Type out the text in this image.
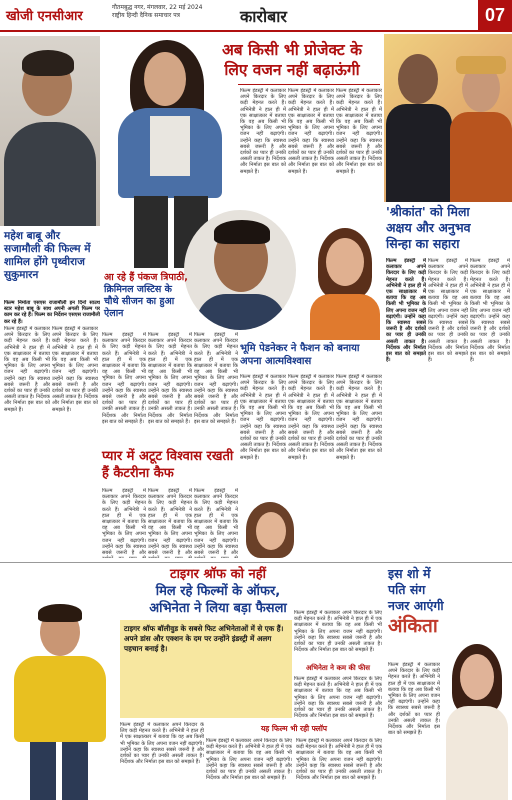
खोजी एनसीआर
गौतमबुद्ध नगर, मंगलवार, 22 मई 2024
राष्ट्रीय हिन्दी दैनिक समाचार पत्र	कारोबार	07
महेश बाबू और सजामौली की फिल्म में शामिल होंगे पृथ्वीराज सुकुमारन
फिल्म निर्माता एसएस राजामौली इन दिनों साउथ स्टार महेश बाबू के साथ अपनी अगली फिल्म पर काम कर रहे हैं। फिल्म का निर्देशन एसएस राजामौली कर रहे हैं।
फिल्म इंडस्ट्री में कलाकार अपने किरदार के लिए कड़ी मेहनत करते हैं। अभिनेत्री ने हाल ही में एक साक्षात्कार में बताया कि वह अब किसी भी भूमिका के लिए अपना वजन नहीं बढ़ाएंगी। उन्होंने कहा कि स्वास्थ्य सबसे जरूरी है और दर्शकों का प्यार ही उनकी असली ताकत है। निर्देशक और निर्माता इस बात को समझते हैं।
फिल्म इंडस्ट्री में कलाकार अपने किरदार के लिए कड़ी मेहनत करते हैं। अभिनेत्री ने हाल ही में एक साक्षात्कार में बताया कि वह अब किसी भी भूमिका के लिए अपना वजन नहीं बढ़ाएंगी। उन्होंने कहा कि स्वास्थ्य सबसे जरूरी है और दर्शकों का प्यार ही उनकी असली ताकत है। निर्देशक और निर्माता इस बात को समझते हैं।
अब किसी भी प्रोजेक्ट के
लिए वजन नहीं बढ़ाऊंगी
फिल्म इंडस्ट्री में कलाकार अपने किरदार के लिए कड़ी मेहनत करते हैं। अभिनेत्री ने हाल ही में एक साक्षात्कार में बताया कि वह अब किसी भी भूमिका के लिए अपना वजन नहीं बढ़ाएंगी। उन्होंने कहा कि स्वास्थ्य सबसे जरूरी है और दर्शकों का प्यार ही उनकी असली ताकत है। निर्देशक और निर्माता इस बात को समझते हैं।
फिल्म इंडस्ट्री में कलाकार अपने किरदार के लिए कड़ी मेहनत करते हैं। अभिनेत्री ने हाल ही में एक साक्षात्कार में बताया कि वह अब किसी भी भूमिका के लिए अपना वजन नहीं बढ़ाएंगी। उन्होंने कहा कि स्वास्थ्य सबसे जरूरी है और दर्शकों का प्यार ही उनकी असली ताकत है। निर्देशक और निर्माता इस बात को समझते हैं।
फिल्म इंडस्ट्री में कलाकार अपने किरदार के लिए कड़ी मेहनत करते हैं। अभिनेत्री ने हाल ही में एक साक्षात्कार में बताया कि वह अब किसी भी भूमिका के लिए अपना वजन नहीं बढ़ाएंगी। उन्होंने कहा कि स्वास्थ्य सबसे जरूरी है और दर्शकों का प्यार ही उनकी असली ताकत है। निर्देशक और निर्माता इस बात को समझते हैं।
'श्रीकांत' को मिला
अक्षय और अनुभव
सिन्हा का सहारा
फिल्म इंडस्ट्री में कलाकार अपने किरदार के लिए कड़ी मेहनत करते हैं। अभिनेत्री ने हाल ही में एक साक्षात्कार में बताया कि वह अब किसी भी भूमिका के लिए अपना वजन नहीं बढ़ाएंगी। उन्होंने कहा कि स्वास्थ्य सबसे जरूरी है और दर्शकों का प्यार ही उनकी असली ताकत है। निर्देशक और निर्माता इस बात को समझते हैं।
फिल्म इंडस्ट्री में कलाकार अपने किरदार के लिए कड़ी मेहनत करते हैं। अभिनेत्री ने हाल ही में एक साक्षात्कार में बताया कि वह अब किसी भी भूमिका के लिए अपना वजन नहीं बढ़ाएंगी। उन्होंने कहा कि स्वास्थ्य सबसे जरूरी है और दर्शकों का प्यार ही उनकी असली ताकत है। निर्देशक और निर्माता इस बात को समझते हैं।
फिल्म इंडस्ट्री में कलाकार अपने किरदार के लिए कड़ी मेहनत करते हैं। अभिनेत्री ने हाल ही में एक साक्षात्कार में बताया कि वह अब किसी भी भूमिका के लिए अपना वजन नहीं बढ़ाएंगी। उन्होंने कहा कि स्वास्थ्य सबसे जरूरी है और दर्शकों का प्यार ही उनकी असली ताकत है। निर्देशक और निर्माता इस बात को समझते हैं।
आ रहे हैं पंकज त्रिपाठी, क्रिमिनल जस्टिस के चौथे सीजन का हुआ ऐलान
फिल्म इंडस्ट्री में कलाकार अपने किरदार के लिए कड़ी मेहनत करते हैं। अभिनेत्री ने हाल ही में एक साक्षात्कार में बताया कि वह अब किसी भी भूमिका के लिए अपना वजन नहीं बढ़ाएंगी। उन्होंने कहा कि स्वास्थ्य सबसे जरूरी है और दर्शकों का प्यार ही उनकी असली ताकत है। निर्देशक और निर्माता इस बात को समझते हैं।
फिल्म इंडस्ट्री में कलाकार अपने किरदार के लिए कड़ी मेहनत करते हैं। अभिनेत्री ने हाल ही में एक साक्षात्कार में बताया कि वह अब किसी भी भूमिका के लिए अपना वजन नहीं बढ़ाएंगी। उन्होंने कहा कि स्वास्थ्य सबसे जरूरी है और दर्शकों का प्यार ही उनकी असली ताकत है। निर्देशक और निर्माता इस बात को समझते हैं।
फिल्म इंडस्ट्री में कलाकार अपने किरदार के लिए कड़ी मेहनत करते हैं। अभिनेत्री ने हाल ही में एक साक्षात्कार में बताया कि वह अब किसी भी भूमिका के लिए अपना वजन नहीं बढ़ाएंगी। उन्होंने कहा कि स्वास्थ्य सबसे जरूरी है और दर्शकों का प्यार ही उनकी असली ताकत है। निर्देशक और निर्माता इस बात को समझते हैं।
भूमि पेडनेकर ने फैशन को बनाया अपना आत्मविश्वास
फिल्म इंडस्ट्री में कलाकार अपने किरदार के लिए कड़ी मेहनत करते हैं। अभिनेत्री ने हाल ही में एक साक्षात्कार में बताया कि वह अब किसी भी भूमिका के लिए अपना वजन नहीं बढ़ाएंगी। उन्होंने कहा कि स्वास्थ्य सबसे जरूरी है और दर्शकों का प्यार ही उनकी असली ताकत है। निर्देशक और निर्माता इस बात को समझते हैं।
फिल्म इंडस्ट्री में कलाकार अपने किरदार के लिए कड़ी मेहनत करते हैं। अभिनेत्री ने हाल ही में एक साक्षात्कार में बताया कि वह अब किसी भी भूमिका के लिए अपना वजन नहीं बढ़ाएंगी। उन्होंने कहा कि स्वास्थ्य सबसे जरूरी है और दर्शकों का प्यार ही उनकी असली ताकत है। निर्देशक और निर्माता इस बात को समझते हैं।
फिल्म इंडस्ट्री में कलाकार अपने किरदार के लिए कड़ी मेहनत करते हैं। अभिनेत्री ने हाल ही में एक साक्षात्कार में बताया कि वह अब किसी भी भूमिका के लिए अपना वजन नहीं बढ़ाएंगी। उन्होंने कहा कि स्वास्थ्य सबसे जरूरी है और दर्शकों का प्यार ही उनकी असली ताकत है। निर्देशक और निर्माता इस बात को समझते हैं।
प्यार में अटूट विश्वास रखती हैं कैटरीना कैफ
फिल्म इंडस्ट्री में कलाकार अपने किरदार के लिए कड़ी मेहनत करते हैं। अभिनेत्री ने हाल ही में एक साक्षात्कार में बताया कि वह अब किसी भी भूमिका के लिए अपना वजन नहीं बढ़ाएंगी। उन्होंने कहा कि स्वास्थ्य सबसे जरूरी है और
फिल्म इंडस्ट्री में कलाकार अपने किरदार के लिए कड़ी मेहनत करते हैं। अभिनेत्री ने हाल ही में एक साक्षात्कार में बताया कि वह अब किसी भी भूमिका के लिए अपना वजन नहीं बढ़ाएंगी। उन्होंने कहा कि स्वास्थ्य सबसे जरूरी है और
फिल्म इंडस्ट्री में कलाकार अपने किरदार के लिए कड़ी मेहनत करते हैं। अभिनेत्री ने हाल ही में एक साक्षात्कार में बताया कि वह अब किसी भी भूमिका के लिए अपना वजन नहीं बढ़ाएंगी। उन्होंने कहा कि स्वास्थ्य सबसे जरूरी है और
टाइगर श्रॉफ को नहीं
मिल रहे फिल्मों के ऑफर,
अभिनेता ने लिया बड़ा फैसला
टाइगर श्रॉफ बॉलीवुड के सबसे फिट अभिनेताओं में से एक हैं। अपने डांस और एक्शन के दम पर उन्होंने इंडस्ट्री में अलग पहचान बनाई है।
फिल्म इंडस्ट्री में कलाकार अपने किरदार के लिए कड़ी मेहनत करते हैं। अभिनेत्री ने हाल ही में एक साक्षात्कार में बताया कि वह अब किसी भी भूमिका के लिए अपना वजन नहीं बढ़ाएंगी। उन्होंने कहा कि स्वास्थ्य सबसे जरूरी है और दर्शकों का प्यार ही उनकी असली ताकत है। निर्देशक और निर्माता इस बात को समझते हैं।
फिल्म इंडस्ट्री में कलाकार अपने किरदार के लिए कड़ी मेहनत करते हैं। अभिनेत्री ने हाल ही में एक साक्षात्कार में बताया कि वह अब किसी भी भूमिका के लिए अपना वजन नहीं बढ़ाएंगी। उन्होंने कहा कि स्वास्थ्य सबसे जरूरी है और दर्शकों का प्यार ही उनकी असली ताकत है। निर्देशक और निर्माता इस बात को समझते हैं।
अभिनेता ने कम की फीस
फिल्म इंडस्ट्री में कलाकार अपने किरदार के लिए कड़ी मेहनत करते हैं। अभिनेत्री ने हाल ही में एक साक्षात्कार में बताया कि वह अब किसी भी भूमिका के लिए अपना वजन नहीं बढ़ाएंगी। उन्होंने कहा कि स्वास्थ्य सबसे जरूरी है और दर्शकों का प्यार ही उनकी असली ताकत है। निर्देशक और निर्माता इस बात को समझते हैं।
यह फिल्म भी रही फ्लॉप
फिल्म इंडस्ट्री में कलाकार अपने किरदार के लिए कड़ी मेहनत करते हैं। अभिनेत्री ने हाल ही में एक साक्षात्कार में बताया कि वह अब किसी भी भूमिका के लिए अपना वजन नहीं बढ़ाएंगी। उन्होंने कहा कि स्वास्थ्य सबसे जरूरी है और दर्शकों का प्यार ही उनकी असली ताकत है। निर्देशक और निर्माता इस बात को समझते हैं।
फिल्म इंडस्ट्री में कलाकार अपने किरदार के लिए कड़ी मेहनत करते हैं। अभिनेत्री ने हाल ही में एक साक्षात्कार में बताया कि वह अब किसी भी भूमिका के लिए अपना वजन नहीं बढ़ाएंगी। उन्होंने कहा कि स्वास्थ्य सबसे जरूरी है और दर्शकों का प्यार ही उनकी असली ताकत है। निर्देशक और निर्माता इस बात को समझते हैं।
इस शो में
पति संग
नजर आएंगी
अंकिता
फिल्म इंडस्ट्री में कलाकार अपने किरदार के लिए कड़ी मेहनत करते हैं। अभिनेत्री ने हाल ही में एक साक्षात्कार में बताया कि वह अब किसी भी भूमिका के लिए अपना वजन नहीं बढ़ाएंगी। उन्होंने कहा कि स्वास्थ्य सबसे जरूरी है और दर्शकों का प्यार ही उनकी असली ताकत है। निर्देशक और निर्माता इस बात को समझते हैं।
